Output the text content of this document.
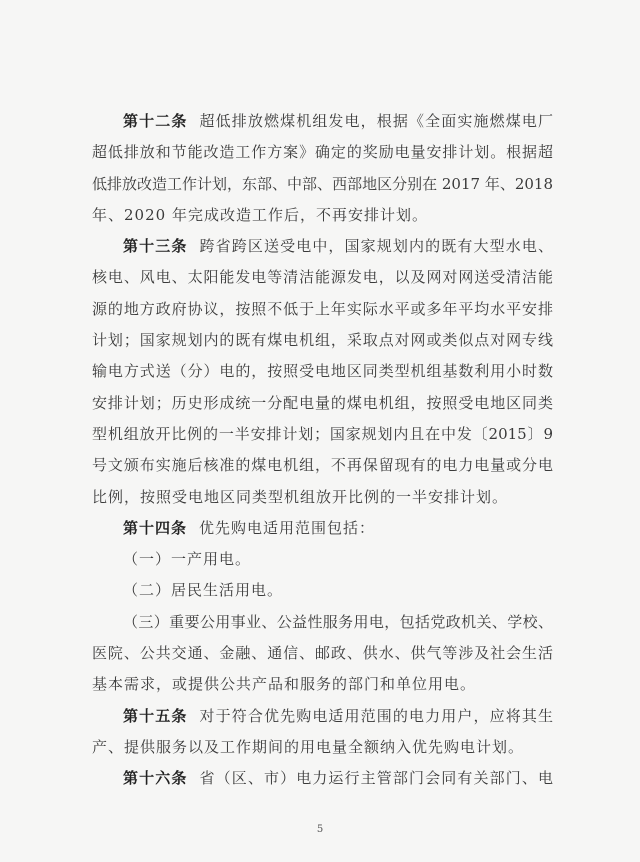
第十二条 超低排放燃煤机组发电，根据《全面实施燃煤电厂
超低排放和节能改造工作方案》确定的奖励电量安排计划。根据超
低排放改造工作计划，东部、中部、西部地区分别在 2017 年、2018
年、2020 年完成改造工作后，不再安排计划。
第十三条 跨省跨区送受电中，国家规划内的既有大型水电、
核电、风电、太阳能发电等清洁能源发电，以及网对网送受清洁能
源的地方政府协议，按照不低于上年实际水平或多年平均水平安排
计划；国家规划内的既有煤电机组，采取点对网或类似点对网专线
输电方式送（分）电的，按照受电地区同类型机组基数利用小时数
安排计划；历史形成统一分配电量的煤电机组，按照受电地区同类
型机组放开比例的一半安排计划；国家规划内且在中发〔2015〕9
号文颁布实施后核准的煤电机组，不再保留现有的电力电量或分电
比例，按照受电地区同类型机组放开比例的一半安排计划。
第十四条 优先购电适用范围包括：
（一）一产用电。
（二）居民生活用电。
（三）重要公用事业、公益性服务用电，包括党政机关、学校、
医院、公共交通、金融、通信、邮政、供水、供气等涉及社会生活
基本需求，或提供公共产品和服务的部门和单位用电。
第十五条 对于符合优先购电适用范围的电力用户，应将其生
产、提供服务以及工作期间的用电量全额纳入优先购电计划。
第十六条 省（区、市）电力运行主管部门会同有关部门、电
5
